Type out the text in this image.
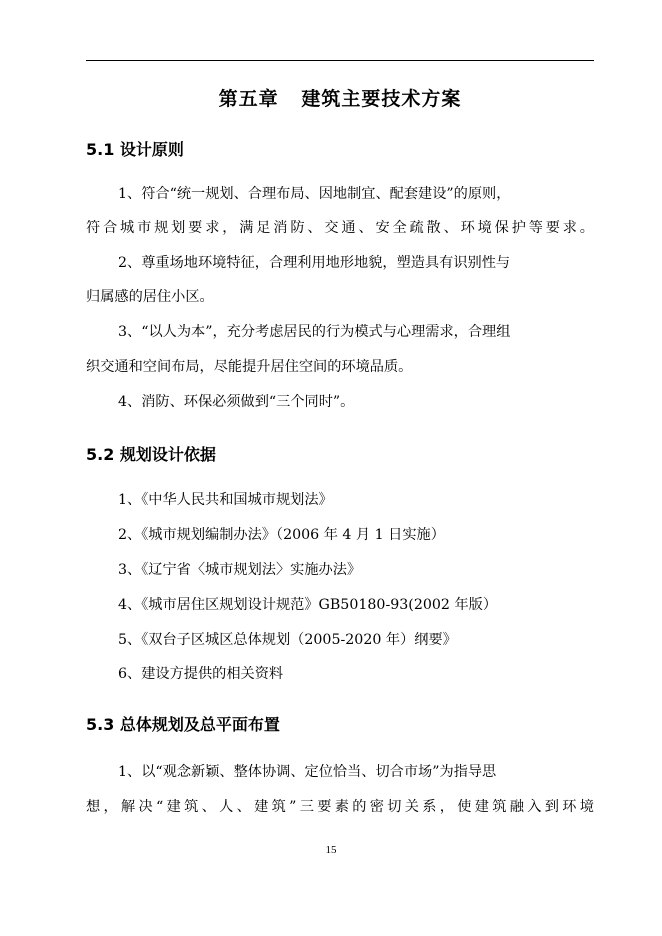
第五章   建筑主要技术方案
5.1 设计原则
1、符合“统一规划、合理布局、因地制宜、配套建设”的原则，
符合城市规划要求，满足消防、交通、安全疏散、环境保护等要求。
2、尊重场地环境特征，合理利用地形地貌，塑造具有识别性与
归属感的居住小区。
3、“以人为本”，充分考虑居民的行为模式与心理需求，合理组
织交通和空间布局，尽能提升居住空间的环境品质。
4、消防、环保必须做到“三个同时”。
5.2 规划设计依据
1、《中华人民共和国城市规划法》
2、《城市规划编制办法》（2006 年 4 月 1 日实施）
3、《辽宁省〈城市规划法〉实施办法》
4、《城市居住区规划设计规范》GB50180-93(2002 年版）
5、《双台子区城区总体规划（2005-2020 年）纲要》
6、建设方提供的相关资料
5.3 总体规划及总平面布置
1、以“观念新颖、整体协调、定位恰当、切合市场”为指导思
想，解决“建筑、人、建筑”三要素的密切关系，使建筑融入到环境
15
